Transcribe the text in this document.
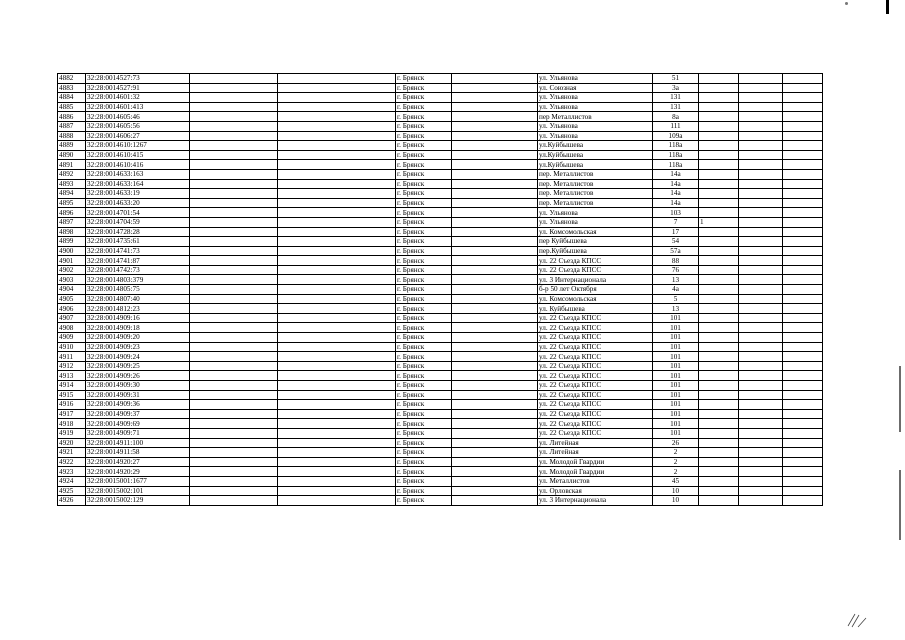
4882	32:28:0014527:73			г. Брянск		ул. Ульянова	51			
4883	32:28:0014527:91			г. Брянск		ул. Союзная	3а			
4884	32:28:0014601:32			г. Брянск		ул. Ульянова	131			
4885	32:28:0014601:413			г. Брянск		ул. Ульянова	131			
4886	32:28:0014605:46			г. Брянск		пер Металлистов	8а			
4887	32:28:0014605:56			г. Брянск		ул. Ульянова	111			
4888	32:28:0014606:27			г. Брянск		ул. Ульянова	109а			
4889	32:28:0014610:1267			г. Брянск		ул.Куйбышева	118а			
4890	32:28:0014610:415			г. Брянск		ул.Куйбышева	118а			
4891	32:28:0014610:416			г. Брянск		ул.Куйбышева	118а			
4892	32:28:0014633:163			г. Брянск		пер. Металлистов	14а			
4893	32:28:0014633:164			г. Брянск		пер. Металлистов	14а			
4894	32:28:0014633:19			г. Брянск		пер. Металлистов	14а			
4895	32:28:0014633:20			г. Брянск		пер. Металлистов	14а			
4896	32:28:0014701:54			г. Брянск		ул. Ульянова	103			
4897	32:28:0014704:59			г. Брянск		ул. Ульянова	7	1		
4898	32:28:0014728:28			г. Брянск		ул. Комсомольская	17			
4899	32:28:0014735:61			г. Брянск		пер Куйбышева	54			
4900	32:28:0014741:73			г. Брянск		пер.Куйбышева	57а			
4901	32:28:0014741:87			г. Брянск		ул. 22 Съезда КПСС	88			
4902	32:28:0014742:73			г. Брянск		ул. 22 Съезда КПСС	76			
4903	32:28:0014803:379			г. Брянск		ул. 3 Интернационала	13			
4904	32:28:0014805:75			г. Брянск		б-р 50 лет Октября	4а			
4905	32:28:0014807:40			г. Брянск		ул. Комсомольская	5			
4906	32:28:0014812:23			г. Брянск		ул. Куйбышева	13			
4907	32:28:0014909:16			г. Брянск		ул. 22 Съезда КПСС	101			
4908	32:28:0014909:18			г. Брянск		ул. 22 Съезда КПСС	101			
4909	32:28:0014909:20			г. Брянск		ул. 22 Съезда КПСС	101			
4910	32:28:0014909:23			г. Брянск		ул. 22 Съезда КПСС	101			
4911	32:28:0014909:24			г. Брянск		ул. 22 Съезда КПСС	101			
4912	32:28:0014909:25			г. Брянск		ул. 22 Съезда КПСС	101			
4913	32:28:0014909:26			г. Брянск		ул. 22 Съезда КПСС	101			
4914	32:28:0014909:30			г. Брянск		ул. 22 Съезда КПСС	101			
4915	32:28:0014909:31			г. Брянск		ул. 22 Съезда КПСС	101			
4916	32:28:0014909:36			г. Брянск		ул. 22 Съезда КПСС	101			
4917	32:28:0014909:37			г. Брянск		ул. 22 Съезда КПСС	101			
4918	32:28:0014909:69			г. Брянск		ул. 22 Съезда КПСС	101			
4919	32:28:0014909:71			г. Брянск		ул. 22 Съезда КПСС	101			
4920	32:28:0014911:100			г. Брянск		ул. Литейная	26			
4921	32:28:0014911:58			г. Брянск		ул. Литейная	2			
4922	32:28:0014920:27			г. Брянск		ул. Молодой Гвардии	2			
4923	32:28:0014920:29			г. Брянск		ул. Молодой Гвардии	2			
4924	32:28:0015001:1677			г. Брянск		ул. Металлистов	45			
4925	32:28:0015002:101			г. Брянск		ул. Орловская	10			
4926	32:28:0015002:129			г. Брянск		ул. 3 Интернационала	10			
